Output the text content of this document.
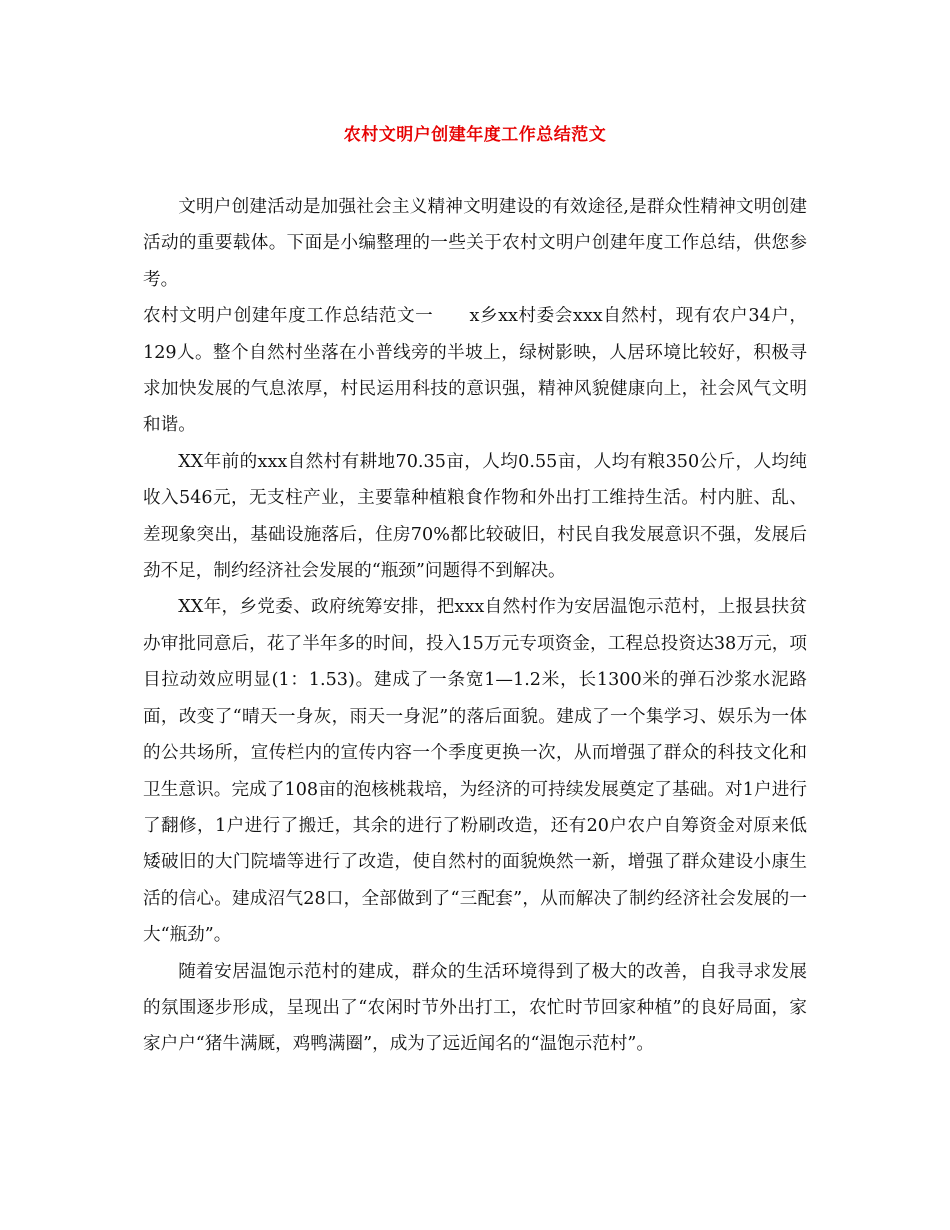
农村文明户创建年度工作总结范文

文明户创建活动是加强社会主义精神文明建设的有效途径,是群众性精神文明创建活动的重要载体。下面是小编整理的一些关于农村文明户创建年度工作总结，供您参考。

农村文明户创建年度工作总结范文一　　x乡xx村委会xxx自然村，现有农户34户，129人。整个自然村坐落在小普线旁的半坡上，绿树影映，人居环境比较好，积极寻求加快发展的气息浓厚，村民运用科技的意识强，精神风貌健康向上，社会风气文明和谐。

XX年前的xxx自然村有耕地70.35亩，人均0.55亩，人均有粮350公斤，人均纯收入546元，无支柱产业，主要靠种植粮食作物和外出打工维持生活。村内脏、乱、差现象突出，基础设施落后，住房70%都比较破旧，村民自我发展意识不强，发展后劲不足，制约经济社会发展的“瓶颈”问题得不到解决。

XX年，乡党委、政府统筹安排，把xxx自然村作为安居温饱示范村，上报县扶贫办审批同意后，花了半年多的时间，投入15万元专项资金，工程总投资达38万元，项目拉动效应明显(1：1.53)。建成了一条宽1—1.2米，长1300米的弹石沙浆水泥路面，改变了“晴天一身灰，雨天一身泥”的落后面貌。建成了一个集学习、娱乐为一体的公共场所，宣传栏内的宣传内容一个季度更换一次，从而增强了群众的科技文化和卫生意识。完成了108亩的泡核桃栽培，为经济的可持续发展奠定了基础。对1户进行了翻修，1户进行了搬迁，其余的进行了粉刷改造，还有20户农户自筹资金对原来低矮破旧的大门院墙等进行了改造，使自然村的面貌焕然一新，增强了群众建设小康生活的信心。建成沼气28口，全部做到了“三配套”，从而解决了制约经济社会发展的一大“瓶劲”。

随着安居温饱示范村的建成，群众的生活环境得到了极大的改善，自我寻求发展的氛围逐步形成，呈现出了“农闲时节外出打工，农忙时节回家种植”的良好局面，家家户户“猪牛满厩，鸡鸭满圈”，成为了远近闻名的“温饱示范村”。
